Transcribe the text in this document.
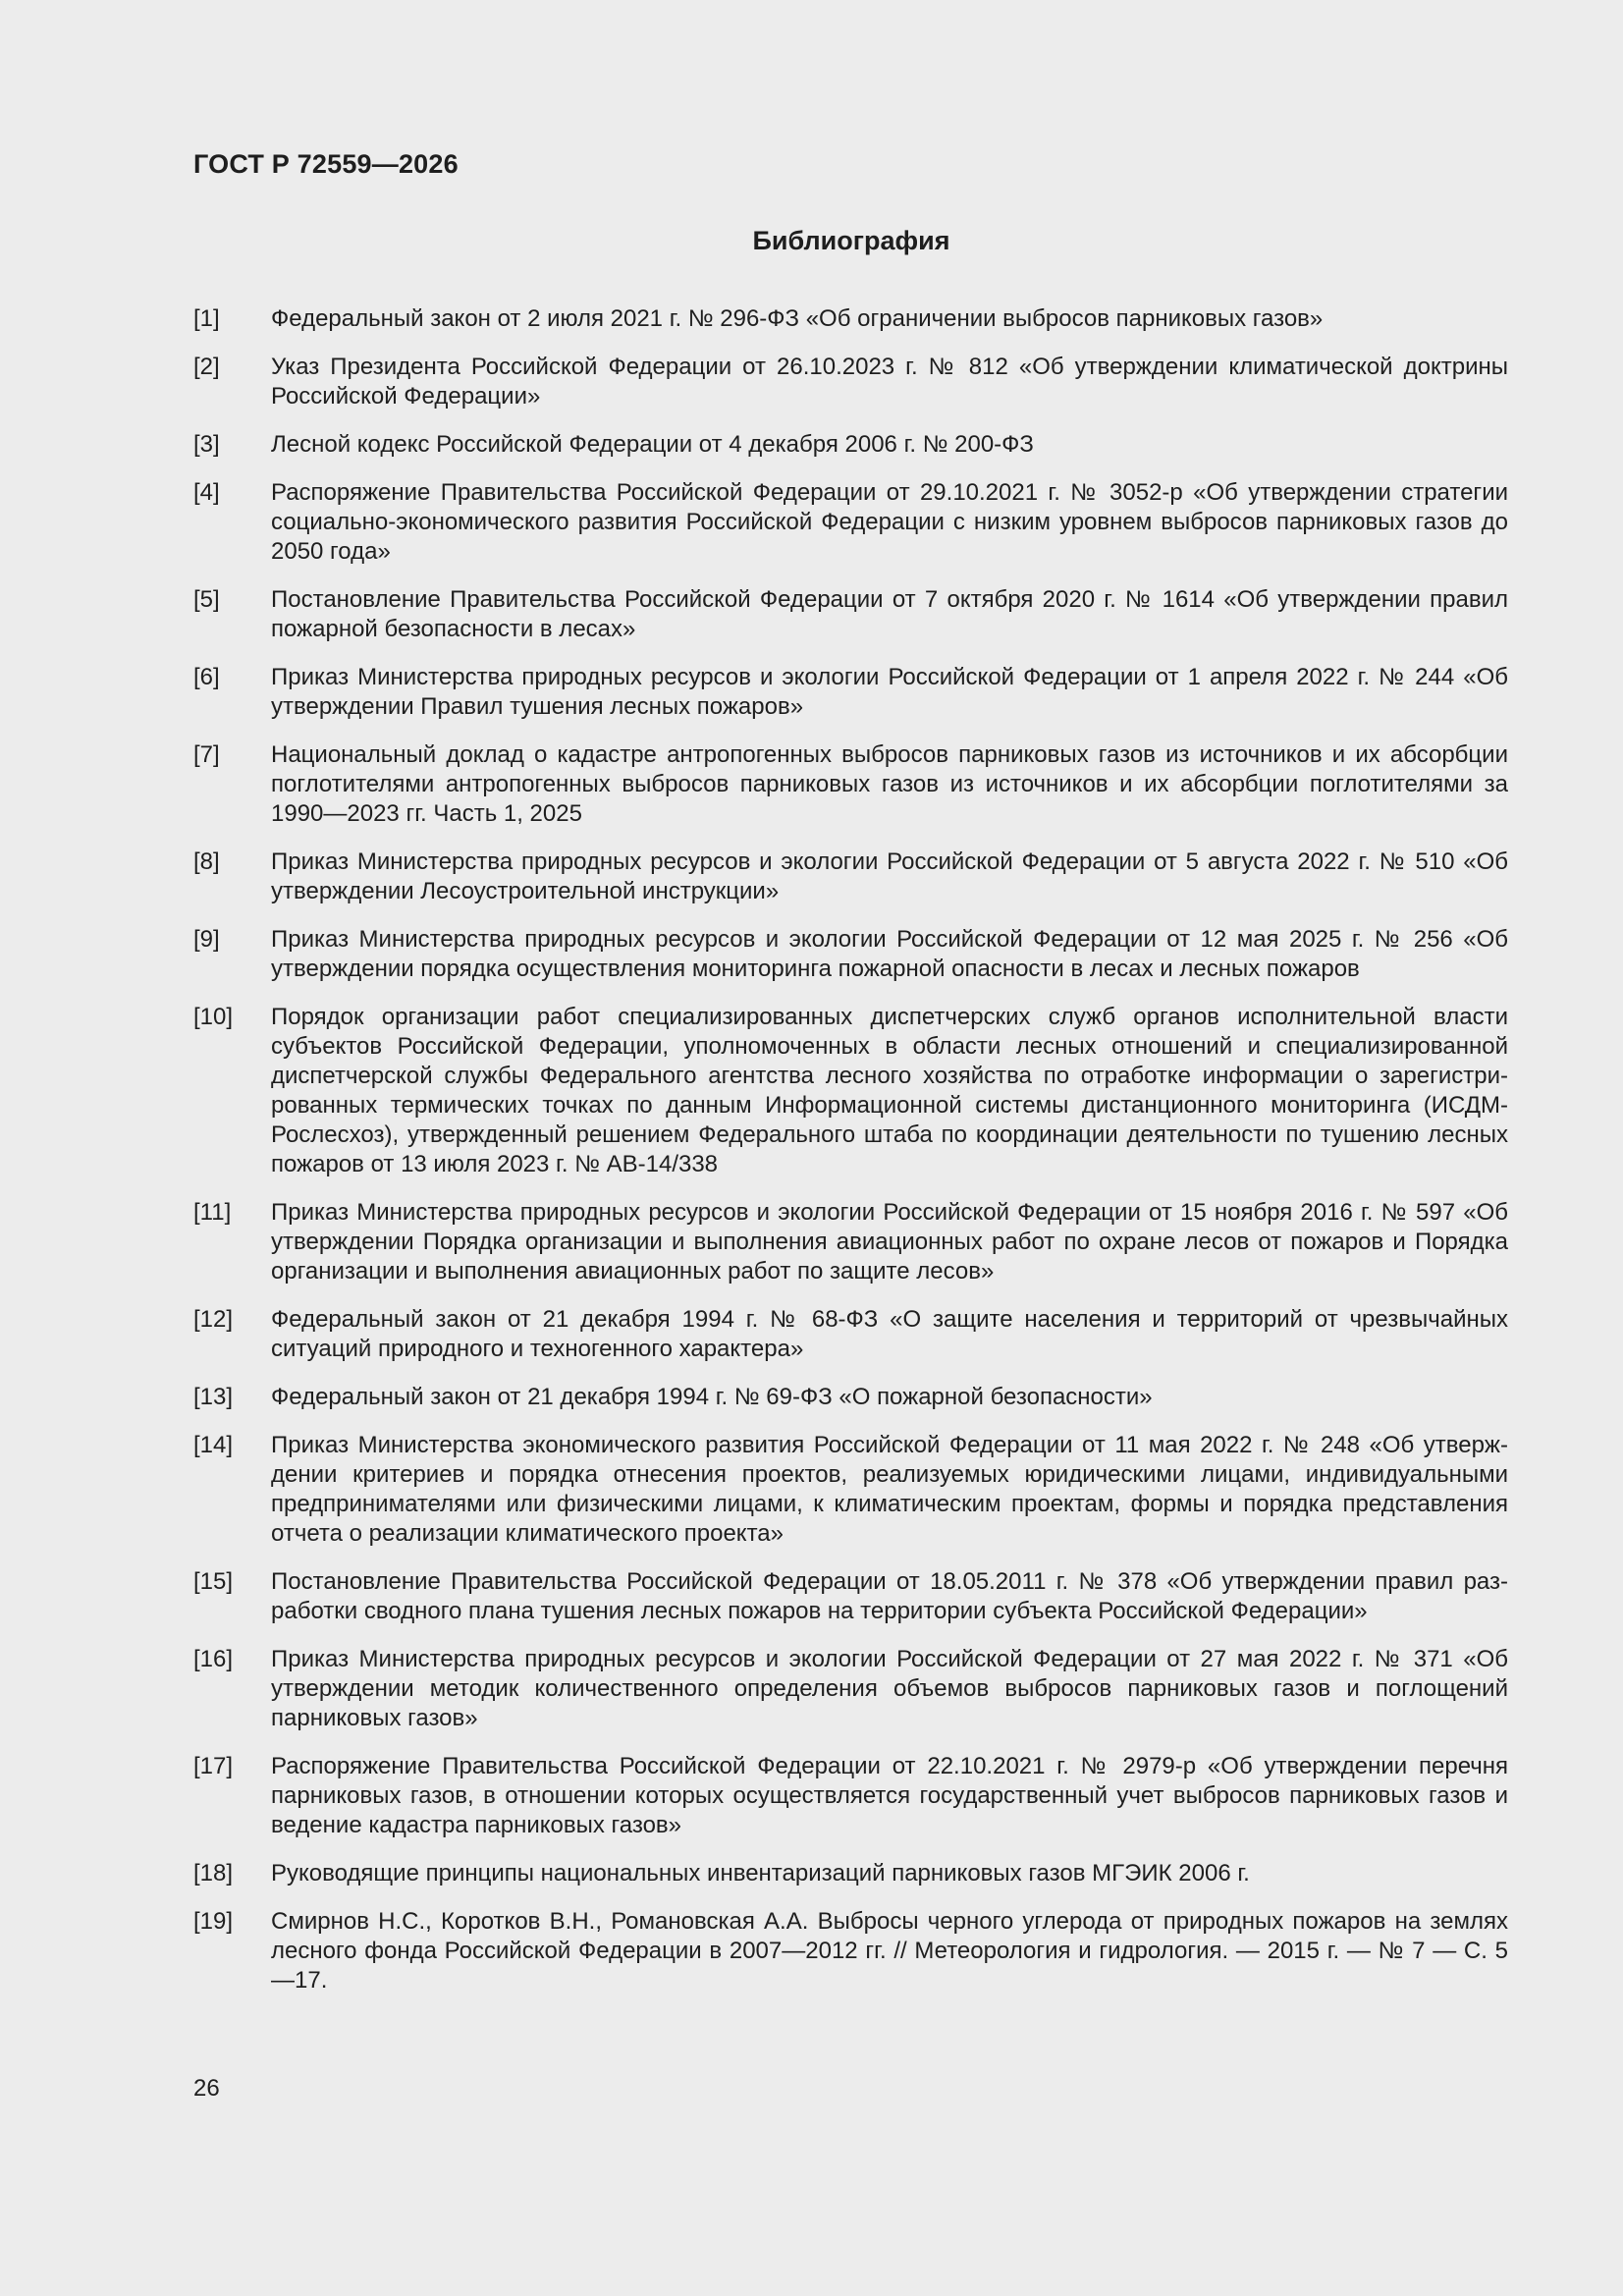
ГОСТ Р 72559—2026
Библиография
[1]	Федеральный закон от 2 июля 2021 г. № 296-ФЗ «Об ограничении выбросов парниковых газов»
[2]	Указ Президента Российской Федерации от 26.10.2023 г. № 812 «Об утверждении климатической доктрины Российской Федерации»
[3]	Лесной кодекс Российской Федерации от 4 декабря 2006 г. № 200-ФЗ
[4]	Распоряжение Правительства Российской Федерации от 29.10.2021 г. № 3052-р «Об утверждении стратегии социально-экономического развития Российской Федерации с низким уровнем выбросов парниковых газов до 2050 года»
[5]	Постановление Правительства Российской Федерации от 7 октября 2020 г. № 1614 «Об утверждении правил пожарной безопасности в лесах»
[6]	Приказ Министерства природных ресурсов и экологии Российской Федерации от 1 апреля 2022 г. № 244 «Об утверждении Правил тушения лесных пожаров»
[7]	Национальный доклад о кадастре антропогенных выбросов парниковых газов из источников и их абсорбции поглотителями антропогенных выбросов парниковых газов из источников и их абсорбции поглотителями за 1990—2023 гг. Часть 1, 2025
[8]	Приказ Министерства природных ресурсов и экологии Российской Федерации от 5 августа 2022 г. № 510 «Об утверждении Лесоустроительной инструкции»
[9]	Приказ Министерства природных ресурсов и экологии Российской Федерации от 12 мая 2025 г. № 256 «Об утверждении порядка осуществления мониторинга пожарной опасности в лесах и лесных пожаров
[10]	Порядок организации работ специализированных диспетчерских служб органов исполнительной власти субъектов Российской Федерации, уполномоченных в области лесных отношений и специализированной диспетчерской службы Федерального агентства лесного хозяйства по отработке информации о зарегистрированных термических точках по данным Информационной системы дистанционного мониторинга (ИСДМ-Рослесхоз), утвержденный решением Федерального штаба по координации деятельности по тушению лесных пожаров от 13 июля 2023 г. № АВ-14/338
[11]	Приказ Министерства природных ресурсов и экологии Российской Федерации от 15 ноября 2016 г. № 597 «Об утверждении Порядка организации и выполнения авиационных работ по охране лесов от пожаров и Порядка организации и выполнения авиационных работ по защите лесов»
[12]	Федеральный закон от 21 декабря 1994 г. № 68-ФЗ «О защите населения и территорий от чрезвычайных ситуаций природного и техногенного характера»
[13]	Федеральный закон от 21 декабря 1994 г. № 69-ФЗ «О пожарной безопасности»
[14]	Приказ Министерства экономического развития Российской Федерации от 11 мая 2022 г. № 248 «Об утверждении критериев и порядка отнесения проектов, реализуемых юридическими лицами, индивидуальными предпринимателями или физическими лицами, к климатическим проектам, формы и порядка представления отчета о реализации климатического проекта»
[15]	Постановление Правительства Российской Федерации от 18.05.2011 г. № 378 «Об утверждении правил разработки сводного плана тушения лесных пожаров на территории субъекта Российской Федерации»
[16]	Приказ Министерства природных ресурсов и экологии Российской Федерации от 27 мая 2022 г. № 371 «Об утверждении методик количественного определения объемов выбросов парниковых газов и поглощений парниковых газов»
[17]	Распоряжение Правительства Российской Федерации от 22.10.2021 г. № 2979-р «Об утверждении перечня парниковых газов, в отношении которых осуществляется государственный учет выбросов парниковых газов и ведение кадастра парниковых газов»
[18]	Руководящие принципы национальных инвентаризаций парниковых газов МГЭИК 2006 г.
[19]	Смирнов Н.С., Коротков В.Н., Романовская А.А. Выбросы черного углерода от природных пожаров на землях лесного фонда Российской Федерации в 2007—2012 гг. // Метеорология и гидрология. — 2015 г. — № 7 — С. 5—17.
26
